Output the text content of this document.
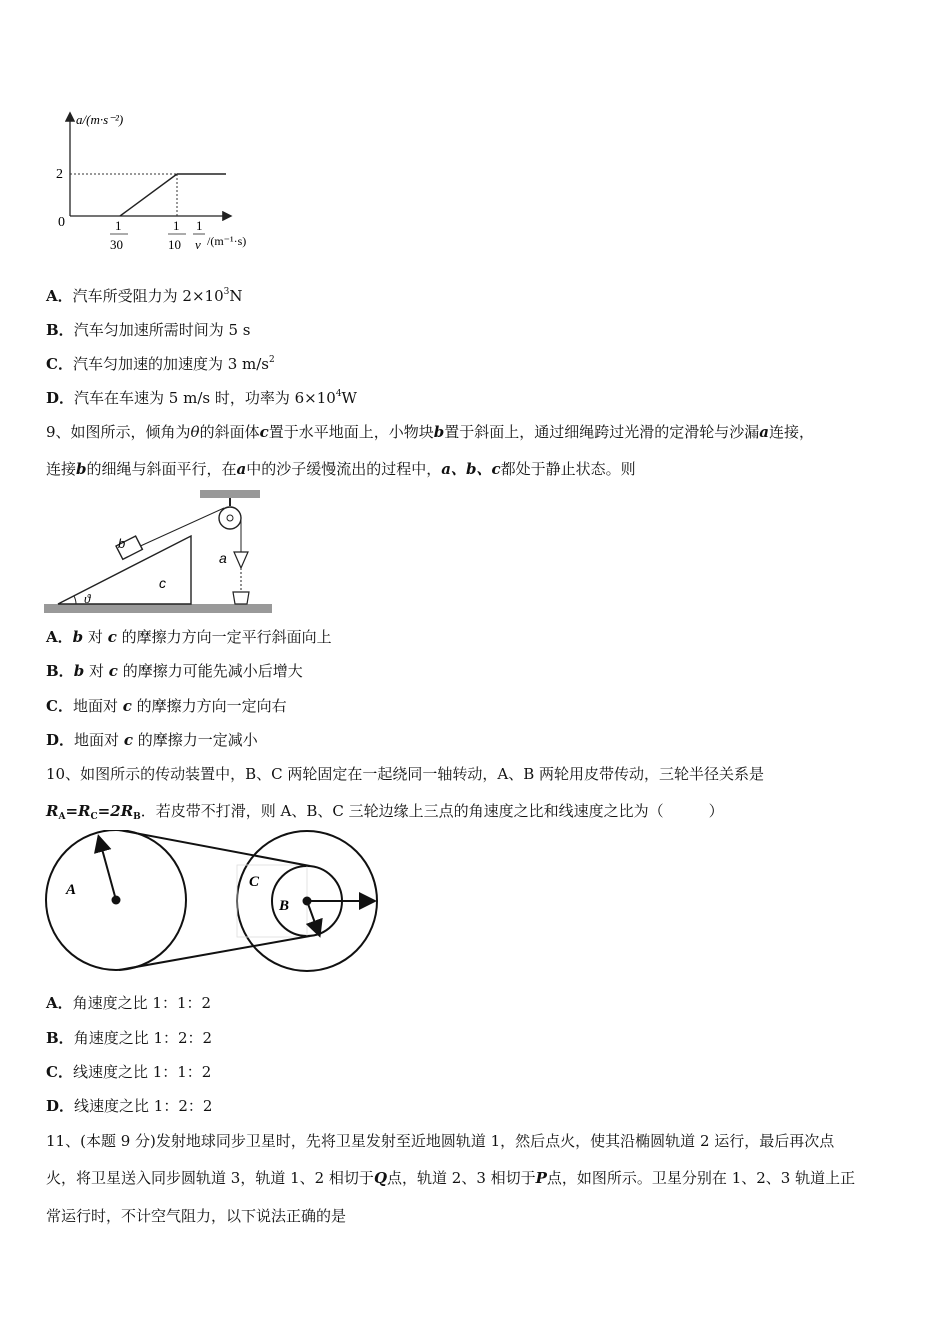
a/(m·s⁻²)
2
0	1
30
1
10
1
v /(m⁻¹·s)
A．汽车所受阻力为 $2\times 10^3N$
B．汽车匀加速所需时间为 5 s
C．汽车匀加速的加速度为 3 $m/s^2$
D．汽车在车速为 5 m/s 时，功率为 $6\times 10^4W$
9、如图所示，倾角为θ的斜面体c置于水平地面上，小物块b置于斜面上，通过细绳跨过光滑的定滑轮与沙漏a连接，
连接b的细绳与斜面平行，在a中的沙子缓慢流出的过程中，a、b、c都处于静止状态。则
b
c
a
ϑ
A．b 对 c 的摩擦力方向一定平行斜面向上
B．b 对 c 的摩擦力可能先减小后增大
C．地面对 c 的摩擦力方向一定向右
D．地面对 c 的摩擦力一定减小
10、如图所示的传动装置中，B、C 两轮固定在一起绕同一轴转动，A、B 两轮用皮带传动，三轮半径关系是
$R_A=R_C=2R_B$．若皮带不打滑，则 A、B、C 三轮边缘上三点的角速度之比和线速度之比为（　　　）
A	C
B
A．角速度之比 1：1：2
B．角速度之比 1：2：2
C．线速度之比 1：1：2
D．线速度之比 1：2：2
11、(本题 9 分)发射地球同步卫星时，先将卫星发射至近地圆轨道 1，然后点火，使其沿椭圆轨道 2 运行，最后再次点
火，将卫星送入同步圆轨道 3，轨道 1、2 相切于Q点，轨道 2、3 相切于P点，如图所示。卫星分别在 1、2、3 轨道上正
常运行时，不计空气阻力，以下说法正确的是
